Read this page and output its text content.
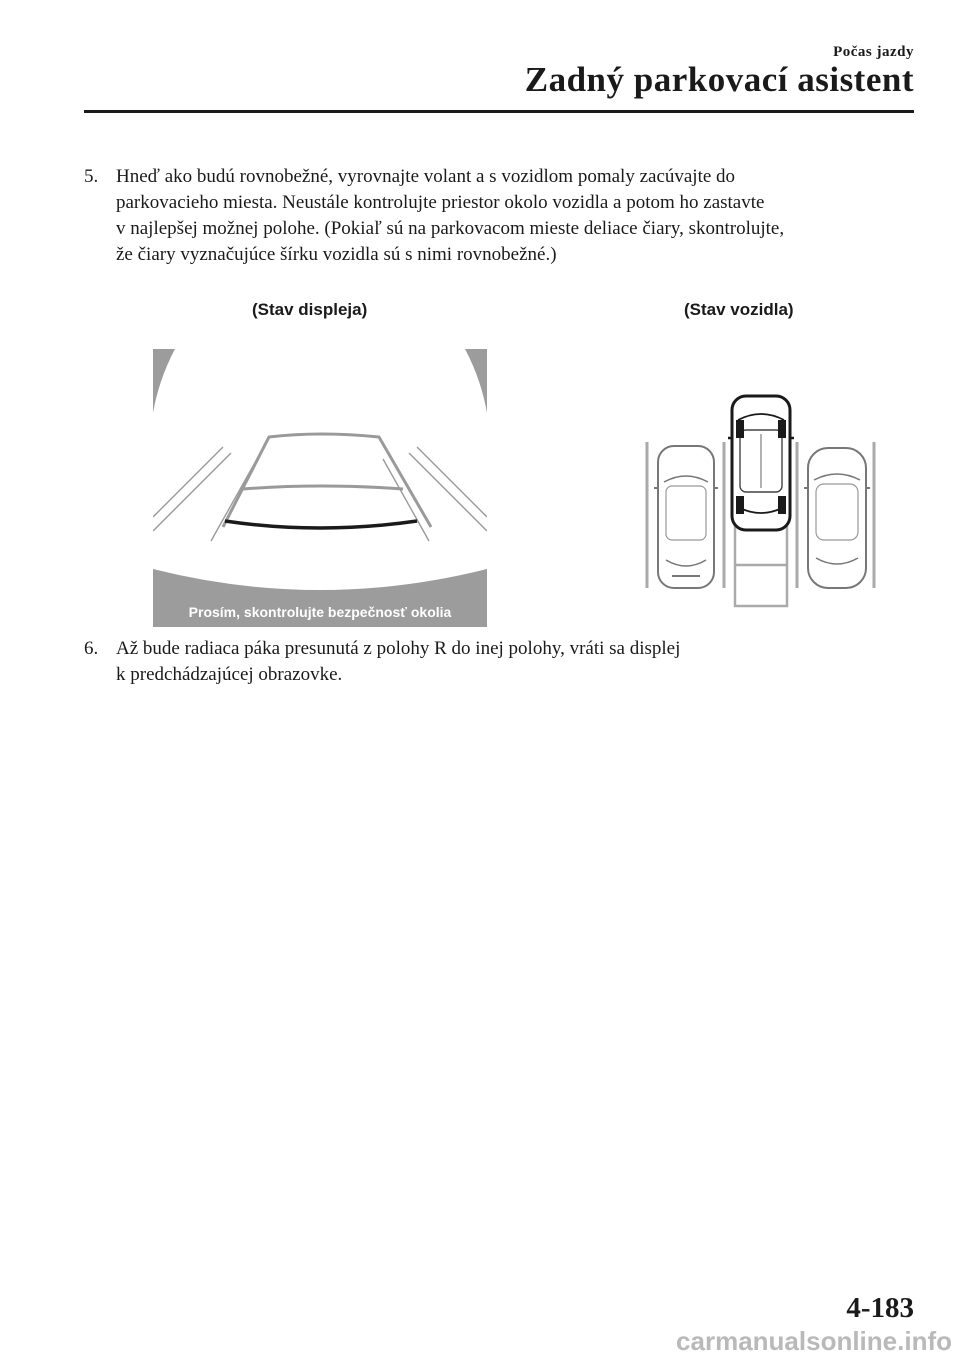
Počas jazdy
Zadný parkovací asistent
5. Hneď ako budú rovnobežné, vyrovnajte volant a s vozidlom pomaly zacúvajte do
parkovacieho miesta. Neustále kontrolujte priestor okolo vozidla a potom ho zastavte
v najlepšej možnej polohe. (Pokiaľ sú na parkovacom mieste deliace čiary, skontrolujte,
že čiary vyznačujúce šírku vozidla sú s nimi rovnobežné.)
(Stav displeja)	(Stav vozidla)
Prosím, skontrolujte bezpečnosť okolia
6. Až bude radiaca páka presunutá z polohy R do inej polohy, vráti sa displej
k predchádzajúcej obrazovke.
4-183
carmanualsonline.info
